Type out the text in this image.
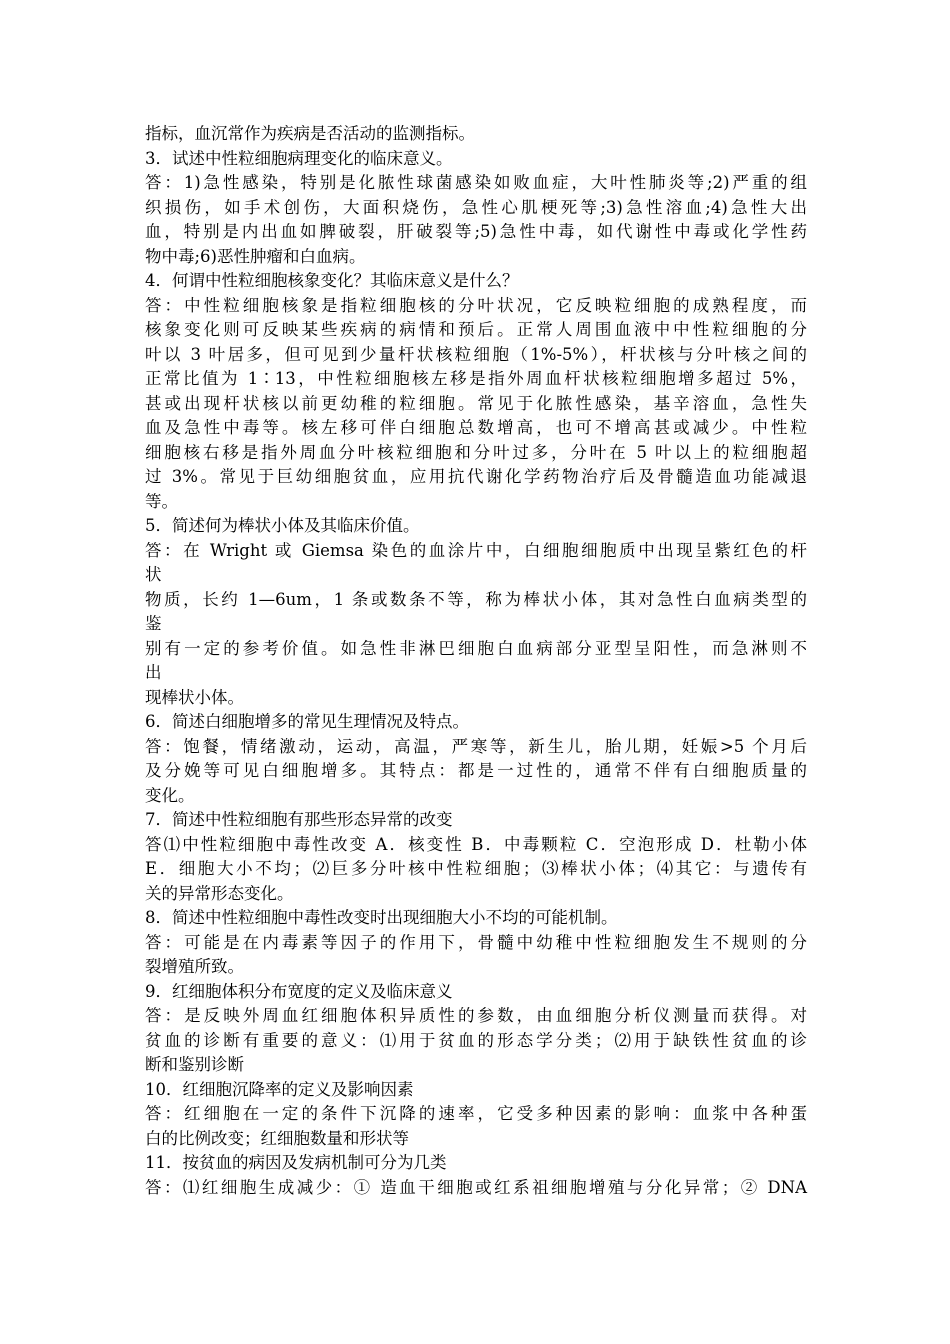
指标，血沉常作为疾病是否活动的监测指标。
3．试述中性粒细胞病理变化的临床意义。
答：1)急性感染，特别是化脓性球菌感染如败血症，大叶性肺炎等;2)严重的组
织损伤，如手术创伤，大面积烧伤，急性心肌梗死等;3)急性溶血;4)急性大出
血，特别是内出血如脾破裂，肝破裂等;5)急性中毒，如代谢性中毒或化学性药
物中毒;6)恶性肿瘤和白血病。
4．何谓中性粒细胞核象变化？其临床意义是什么？
答：中性粒细胞核象是指粒细胞核的分叶状况，它反映粒细胞的成熟程度，而
核象变化则可反映某些疾病的病情和预后。正常人周围血液中中性粒细胞的分
叶以 3 叶居多，但可见到少量杆状核粒细胞（1%-5%），杆状核与分叶核之间的
正常比值为 1∶13，中性粒细胞核左移是指外周血杆状核粒细胞增多超过 5%，
甚或出现杆状核以前更幼稚的粒细胞。常见于化脓性感染，基辛溶血，急性失
血及急性中毒等。核左移可伴白细胞总数增高，也可不增高甚或减少。中性粒
细胞核右移是指外周血分叶核粒细胞和分叶过多，分叶在 5 叶以上的粒细胞超
过 3%。常见于巨幼细胞贫血，应用抗代谢化学药物治疗后及骨髓造血功能减退
等。
5．简述何为棒状小体及其临床价值。
答：在 Wright 或 Giemsa 染色的血涂片中，白细胞细胞质中出现呈紫红色的杆
状
物质，长约 1—6um，1 条或数条不等，称为棒状小体，其对急性白血病类型的
鉴
别有一定的参考价值。如急性非淋巴细胞白血病部分亚型呈阳性，而急淋则不
出
现棒状小体。
6．简述白细胞增多的常见生理情况及特点。
答：饱餐，情绪激动，运动，高温，严寒等，新生儿，胎儿期，妊娠>5 个月后
及分娩等可见白细胞增多。其特点：都是一过性的，通常不伴有白细胞质量的
变化。
7．简述中性粒细胞有那些形态异常的改变
答⑴中性粒细胞中毒性改变 A．核变性 B．中毒颗粒 C．空泡形成 D．杜勒小体
E．细胞大小不均；⑵巨多分叶核中性粒细胞；⑶棒状小体；⑷其它：与遗传有
关的异常形态变化。
8．简述中性粒细胞中毒性改变时出现细胞大小不均的可能机制。
答：可能是在内毒素等因子的作用下，骨髓中幼稚中性粒细胞发生不规则的分
裂增殖所致。
9．红细胞体积分布宽度的定义及临床意义
答：是反映外周血红细胞体积异质性的参数，由血细胞分析仪测量而获得。对
贫血的诊断有重要的意义：⑴用于贫血的形态学分类；⑵用于缺铁性贫血的诊
断和鉴别诊断
10．红细胞沉降率的定义及影响因素
答：红细胞在一定的条件下沉降的速率，它受多种因素的影响：血浆中各种蛋
白的比例改变；红细胞数量和形状等
11．按贫血的病因及发病机制可分为几类
答：⑴红细胞生成减少：① 造血干细胞或红系祖细胞增殖与分化异常；② DNA
